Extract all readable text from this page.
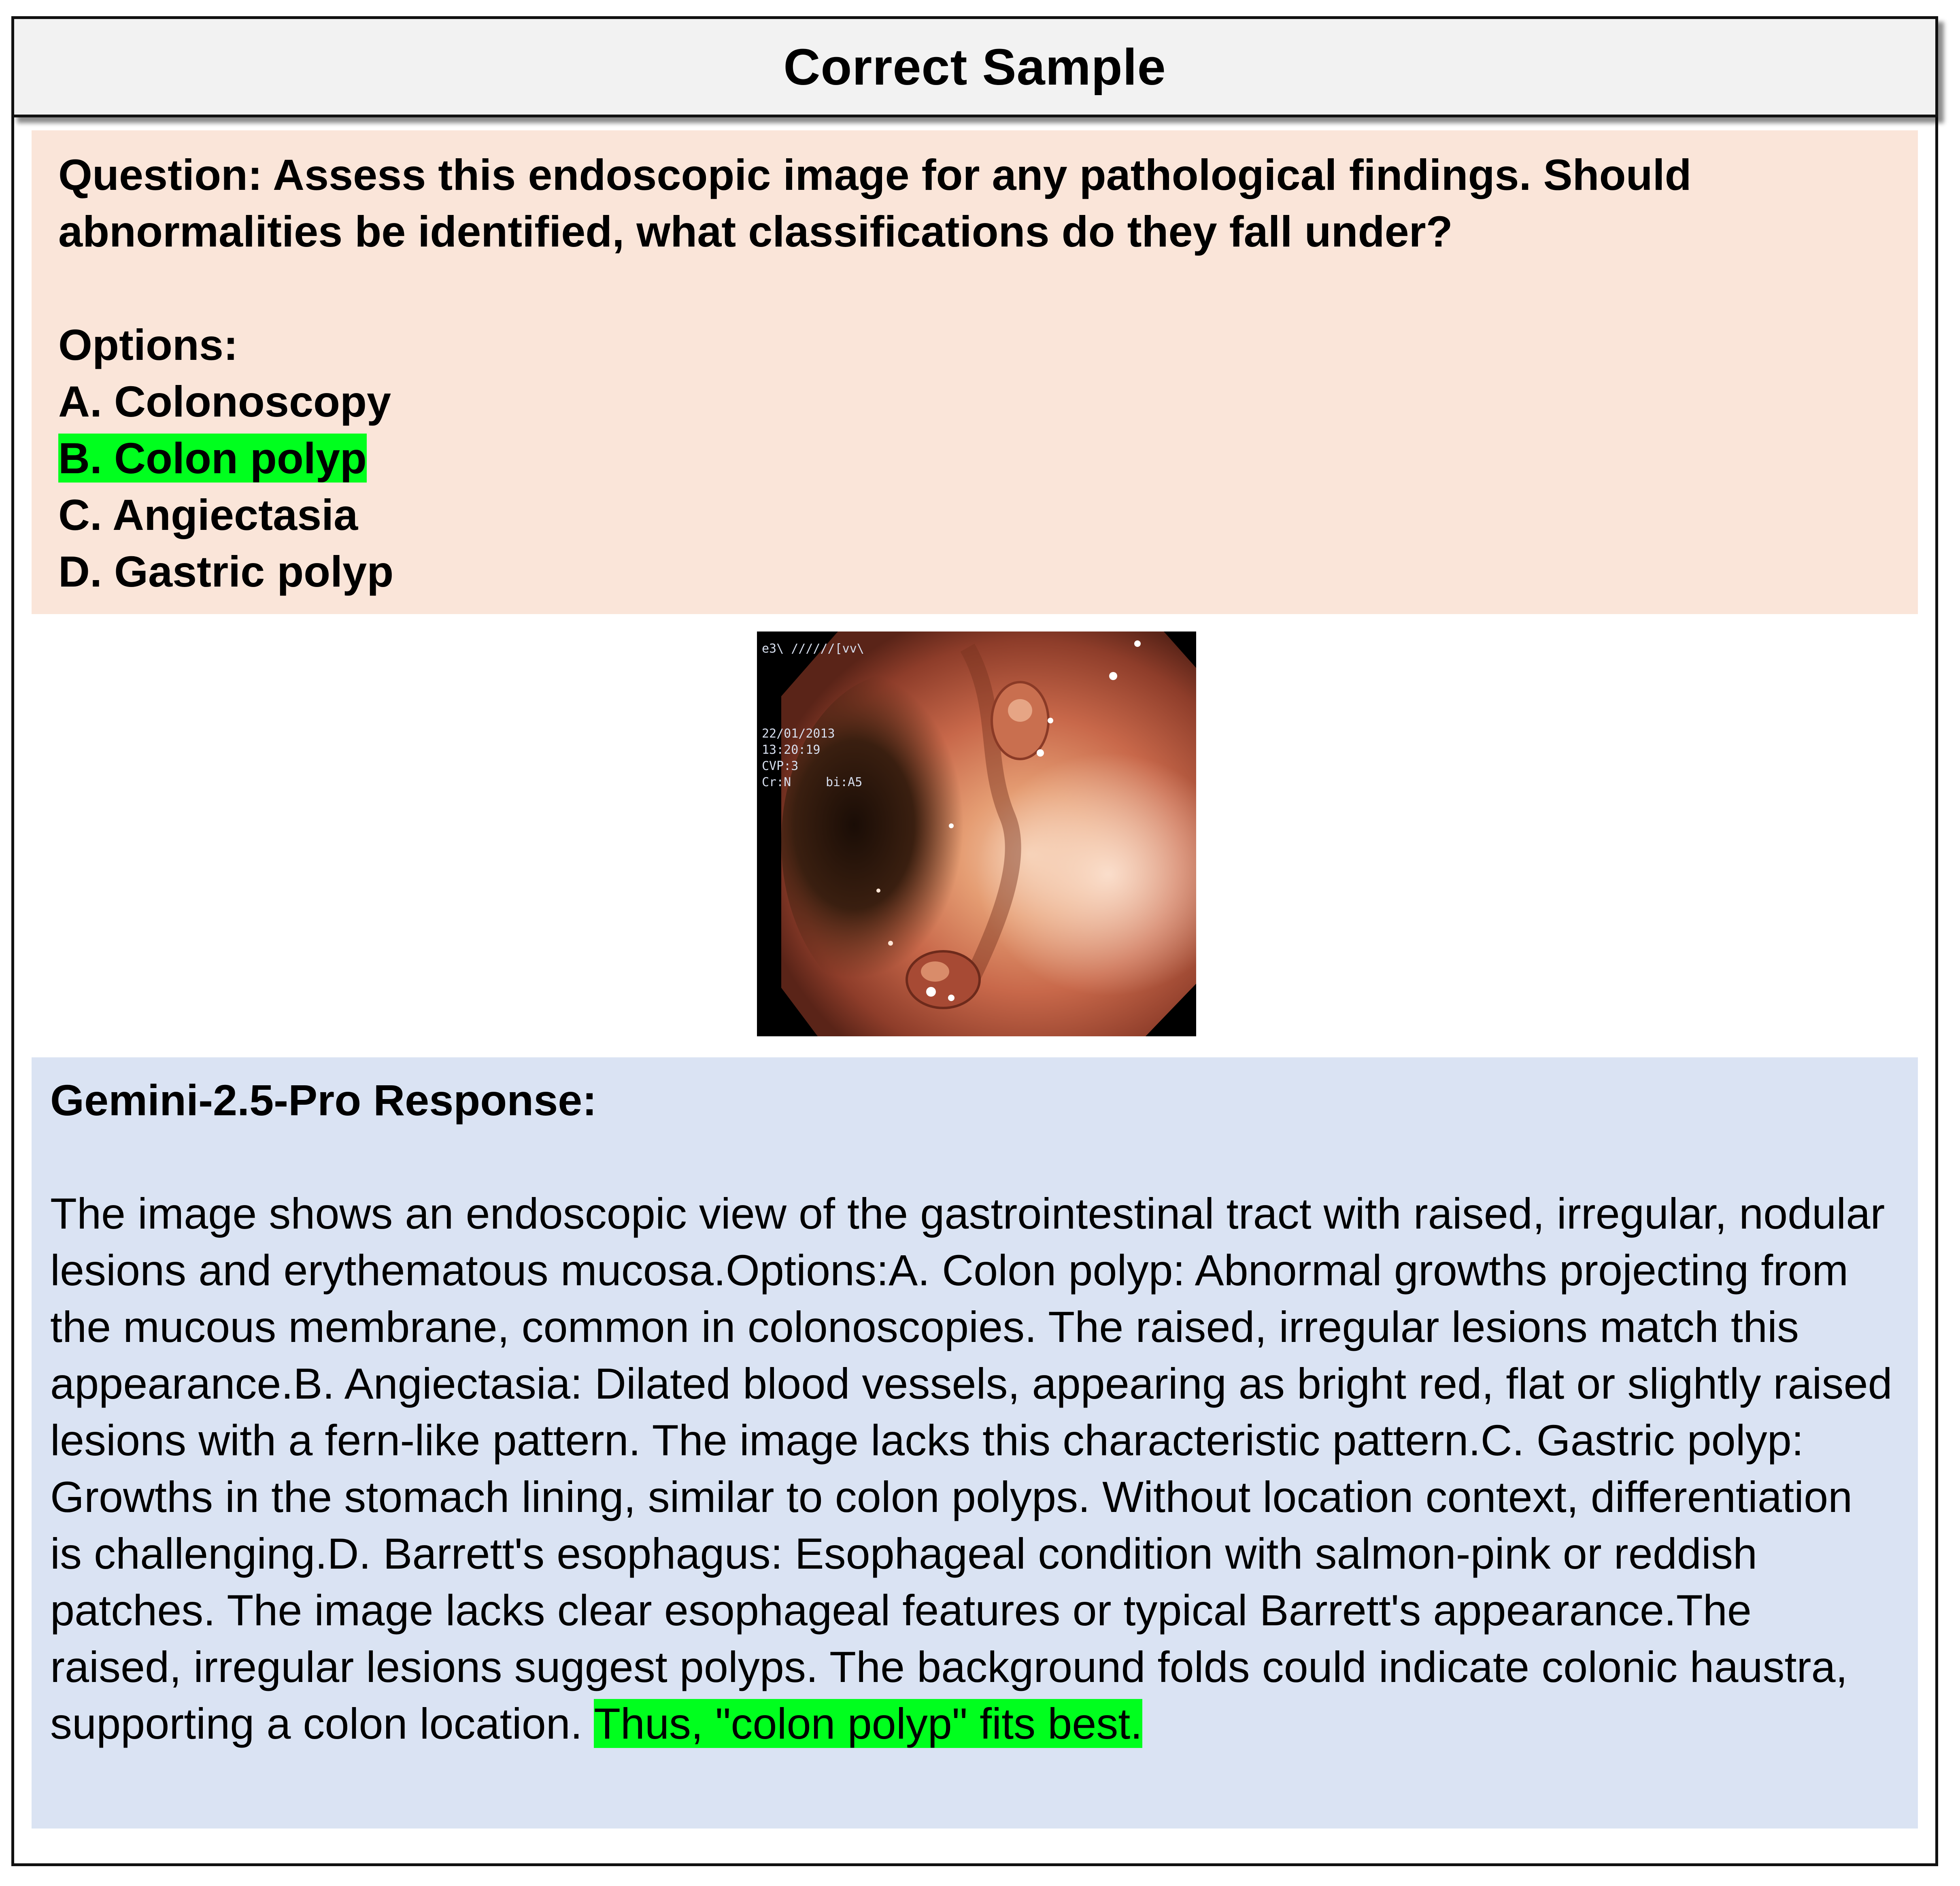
Correct Sample

Question: Assess this endoscopic image for any pathological findings. Should abnormalities be identified, what classifications do they fall under?

Options:
A. Colonoscopy
B. Colon polyp
C. Angiectasia
D. Gastric polyp
e3\ //////[vv\
22/01/2013
13:20:19
CVP:3
Cr:N	bi:A5

Gemini-2.5-Pro Response:

The image shows an endoscopic view of the gastrointestinal tract with raised, irregular, nodular lesions and erythematous mucosa.Options:A. Colon polyp: Abnormal growths projecting from the mucous membrane, common in colonoscopies. The raised, irregular lesions match this appearance.B. Angiectasia: Dilated blood vessels, appearing as bright red, flat or slightly raised lesions with a fern-like pattern. The image lacks this characteristic pattern.C. Gastric polyp: Growths in the stomach lining, similar to colon polyps. Without location context, differentiation is challenging.D. Barrett's esophagus: Esophageal condition with salmon-pink or reddish patches. The image lacks clear esophageal features or typical Barrett's appearance.The raised, irregular lesions suggest polyps. The background folds could indicate colonic haustra, supporting a colon location. Thus, "colon polyp" fits best.
